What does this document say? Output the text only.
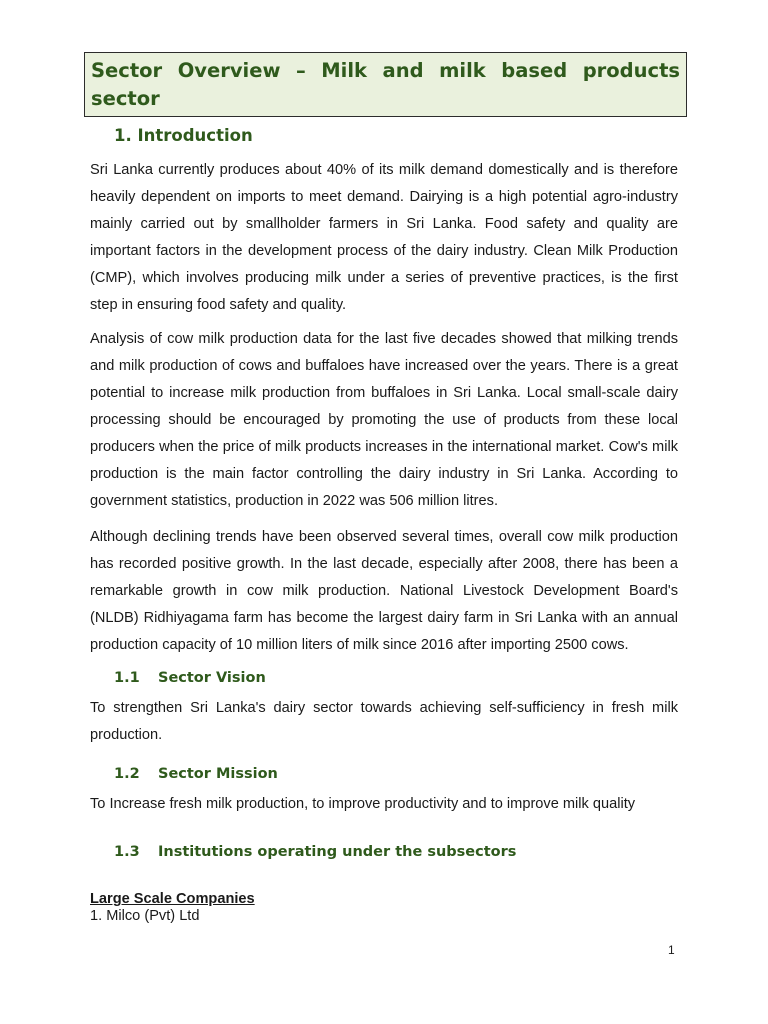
Sector Overview – Milk and milk based products sector
1. Introduction
Sri Lanka currently produces about 40% of its milk demand domestically and is therefore heavily dependent on imports to meet demand. Dairying is a high potential agro-industry mainly carried out by smallholder farmers in Sri Lanka. Food safety and quality are important factors in the development process of the dairy industry. Clean Milk Production (CMP), which involves producing milk under a series of preventive practices, is the first step in ensuring food safety and quality.
Analysis of cow milk production data for the last five decades showed that milking trends and milk production of cows and buffaloes have increased over the years. There is a great potential to increase milk production from buffaloes in Sri Lanka. Local small-scale dairy processing should be encouraged by promoting the use of products from these local producers when the price of milk products increases in the international market. Cow's milk production is the main factor controlling the dairy industry in Sri Lanka. According to government statistics, production in 2022 was 506 million litres.
Although declining trends have been observed several times, overall cow milk production has recorded positive growth. In the last decade, especially after 2008, there has been a remarkable growth in cow milk production. National Livestock Development Board's (NLDB) Ridhiyagama farm has become the largest dairy farm in Sri Lanka with an annual production capacity of 10 million liters of milk since 2016 after importing 2500 cows.
1.1 Sector Vision
To strengthen Sri Lanka's dairy sector towards achieving self-sufficiency in fresh milk production.
1.2 Sector Mission
To Increase fresh milk production, to improve productivity and to improve milk quality
1.3 Institutions operating under the subsectors
Large Scale Companies
1. Milco (Pvt) Ltd
1
